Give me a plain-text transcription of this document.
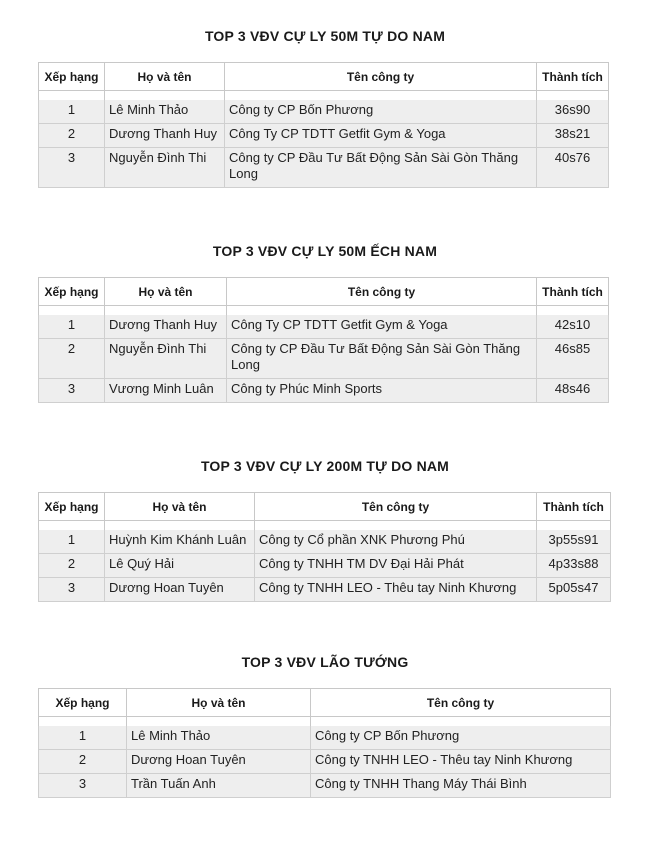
TOP 3 VĐV CỰ LY 50M TỰ DO NAM
Xếp hạng	Họ và tên	Tên công ty	Thành tích

1	Lê Minh Thảo	Công ty CP Bốn Phương	36s90
2	Dương Thanh Huy	Công Ty CP TDTT Getfit Gym & Yoga	38s21
3	Nguyễn Đình Thi	Công ty CP Đầu Tư Bất Động Sản Sài Gòn Thăng Long	40s76
TOP 3 VĐV CỰ LY 50M ẾCH NAM
Xếp hạng	Họ và tên	Tên công ty	Thành tích

1	Dương Thanh Huy	Công Ty CP TDTT Getfit Gym & Yoga	42s10
2	Nguyễn Đình Thi	Công ty CP Đầu Tư Bất Động Sản Sài Gòn Thăng Long	46s85
3	Vương Minh Luân	Công ty Phúc Minh Sports	48s46
TOP 3 VĐV CỰ LY 200M TỰ DO NAM
Xếp hạng	Họ và tên	Tên công ty	Thành tích

1	Huỳnh Kim Khánh Luân	Công ty Cổ phần XNK Phương Phú	3p55s91
2	Lê Quý Hải	Công ty TNHH TM DV Đại Hải Phát	4p33s88
3	Dương Hoan Tuyên	Công ty TNHH LEO - Thêu tay Ninh Khương	5p05s47
TOP 3 VĐV LÃO TƯỚNG
Xếp hạng	Họ và tên	Tên công ty

1	Lê Minh Thảo	Công ty CP Bốn Phương
2	Dương Hoan Tuyên	Công ty TNHH LEO - Thêu tay Ninh Khương
3	Trần Tuấn Anh	Công ty TNHH Thang Máy Thái Bình
